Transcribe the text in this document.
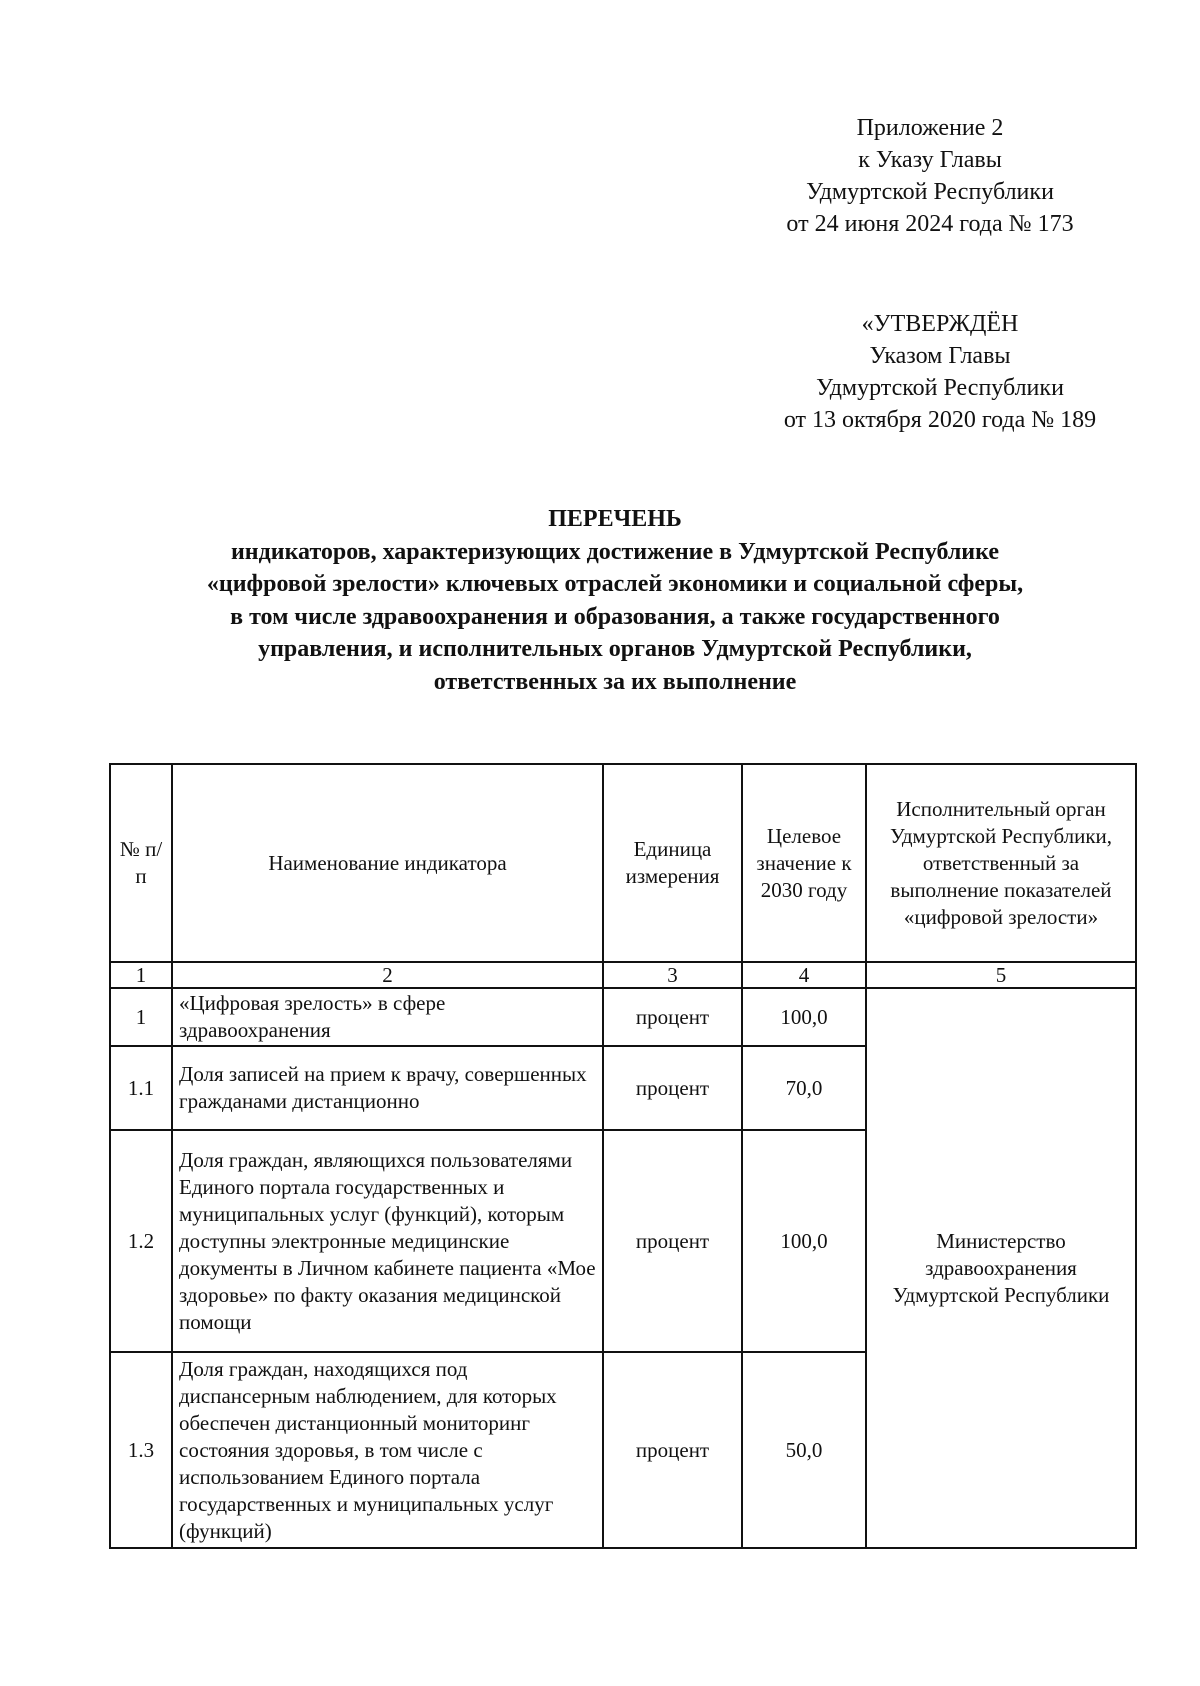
Приложение 2
к Указу Главы
Удмуртской Республики
от 24 июня 2024 года № 173
«УТВЕРЖДЁН
Указом Главы
Удмуртской Республики
от 13 октября 2020 года № 189
ПЕРЕЧЕНЬ
индикаторов, характеризующих достижение в Удмуртской Республике
«цифровой зрелости» ключевых отраслей экономики и социальной сферы,
в том числе здравоохранения и образования, а также государственного
управления, и исполнительных органов Удмуртской Республики,
ответственных за их выполнение
№ п/п	Наименование индикатора	Единица измерения	Целевое значение к 2030 году	Исполнительный орган Удмуртской Республики, ответственный за выполнение показателей «цифровой зрелости»
1	2	3	4	5
1	«Цифровая зрелость» в сфере здравоохранения	процент	100,0	Министерство здравоохранения Удмуртской Республики
1.1	Доля записей на прием к врачу, совершенных гражданами дистанционно	процент	70,0	
1.2	Доля граждан, являющихся пользователями Единого портала государственных и муниципальных услуг (функций), которым доступны электронные медицинские документы в Личном кабинете пациента «Мое здоровье» по факту оказания медицинской помощи	процент	100,0	
1.3	Доля граждан, находящихся под диспансерным наблюдением, для которых обеспечен дистанционный мониторинг состояния здоровья, в том числе с использованием Единого портала государственных и муниципальных услуг (функций)	процент	50,0	
